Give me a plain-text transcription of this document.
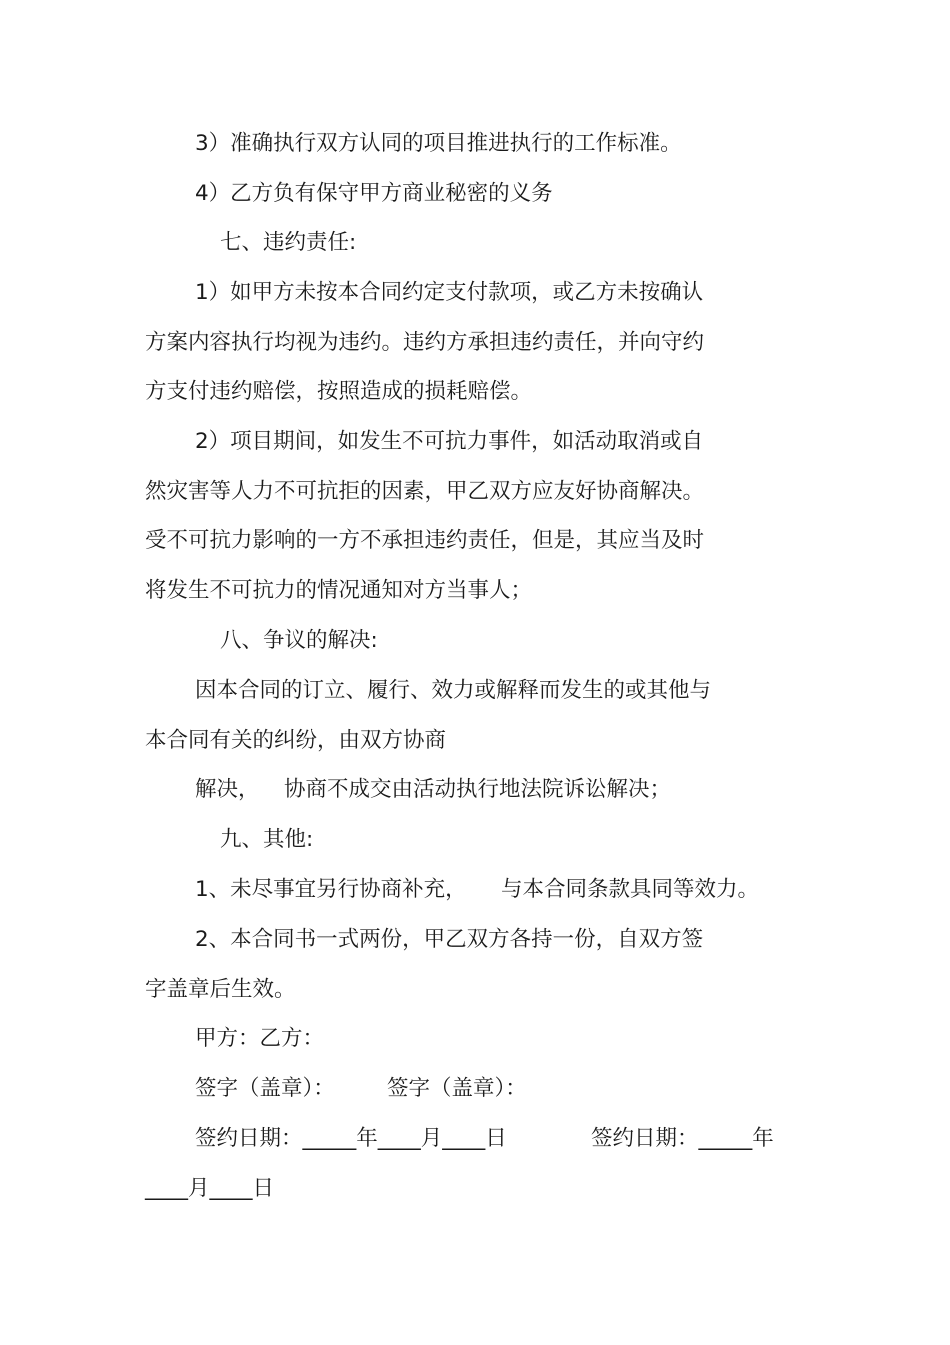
3）准确执行双方认同的项目推进执行的工作标准。
4）乙方负有保守甲方商业秘密的义务
七、违约责任:
1）如甲方未按本合同约定支付款项，或乙方未按确认
方案内容执行均视为违约。违约方承担违约责任，并向守约
方支付违约赔偿，按照造成的损耗赔偿。
2）项目期间，如发生不可抗力事件，如活动取消或自
然灾害等人力不可抗拒的因素，甲乙双方应友好协商解决。
受不可抗力影响的一方不承担违约责任，但是，其应当及时
将发生不可抗力的情况通知对方当事人；
八、争议的解决:
因本合同的订立、履行、效力或解释而发生的或其他与
本合同有关的纠纷，由双方协商
解决， 协商不成交由活动执行地法院诉讼解决；
九、其他:
1、未尽事宜另行协商补充， 与本合同条款具同等效力。
2、本合同书一式两份，甲乙双方各持一份，自双方签
字盖章后生效。
甲方：乙方：
签字（盖章）： 签字（盖章）：
签约日期：_____年____月____日	签约日期：_____年
____月____日
